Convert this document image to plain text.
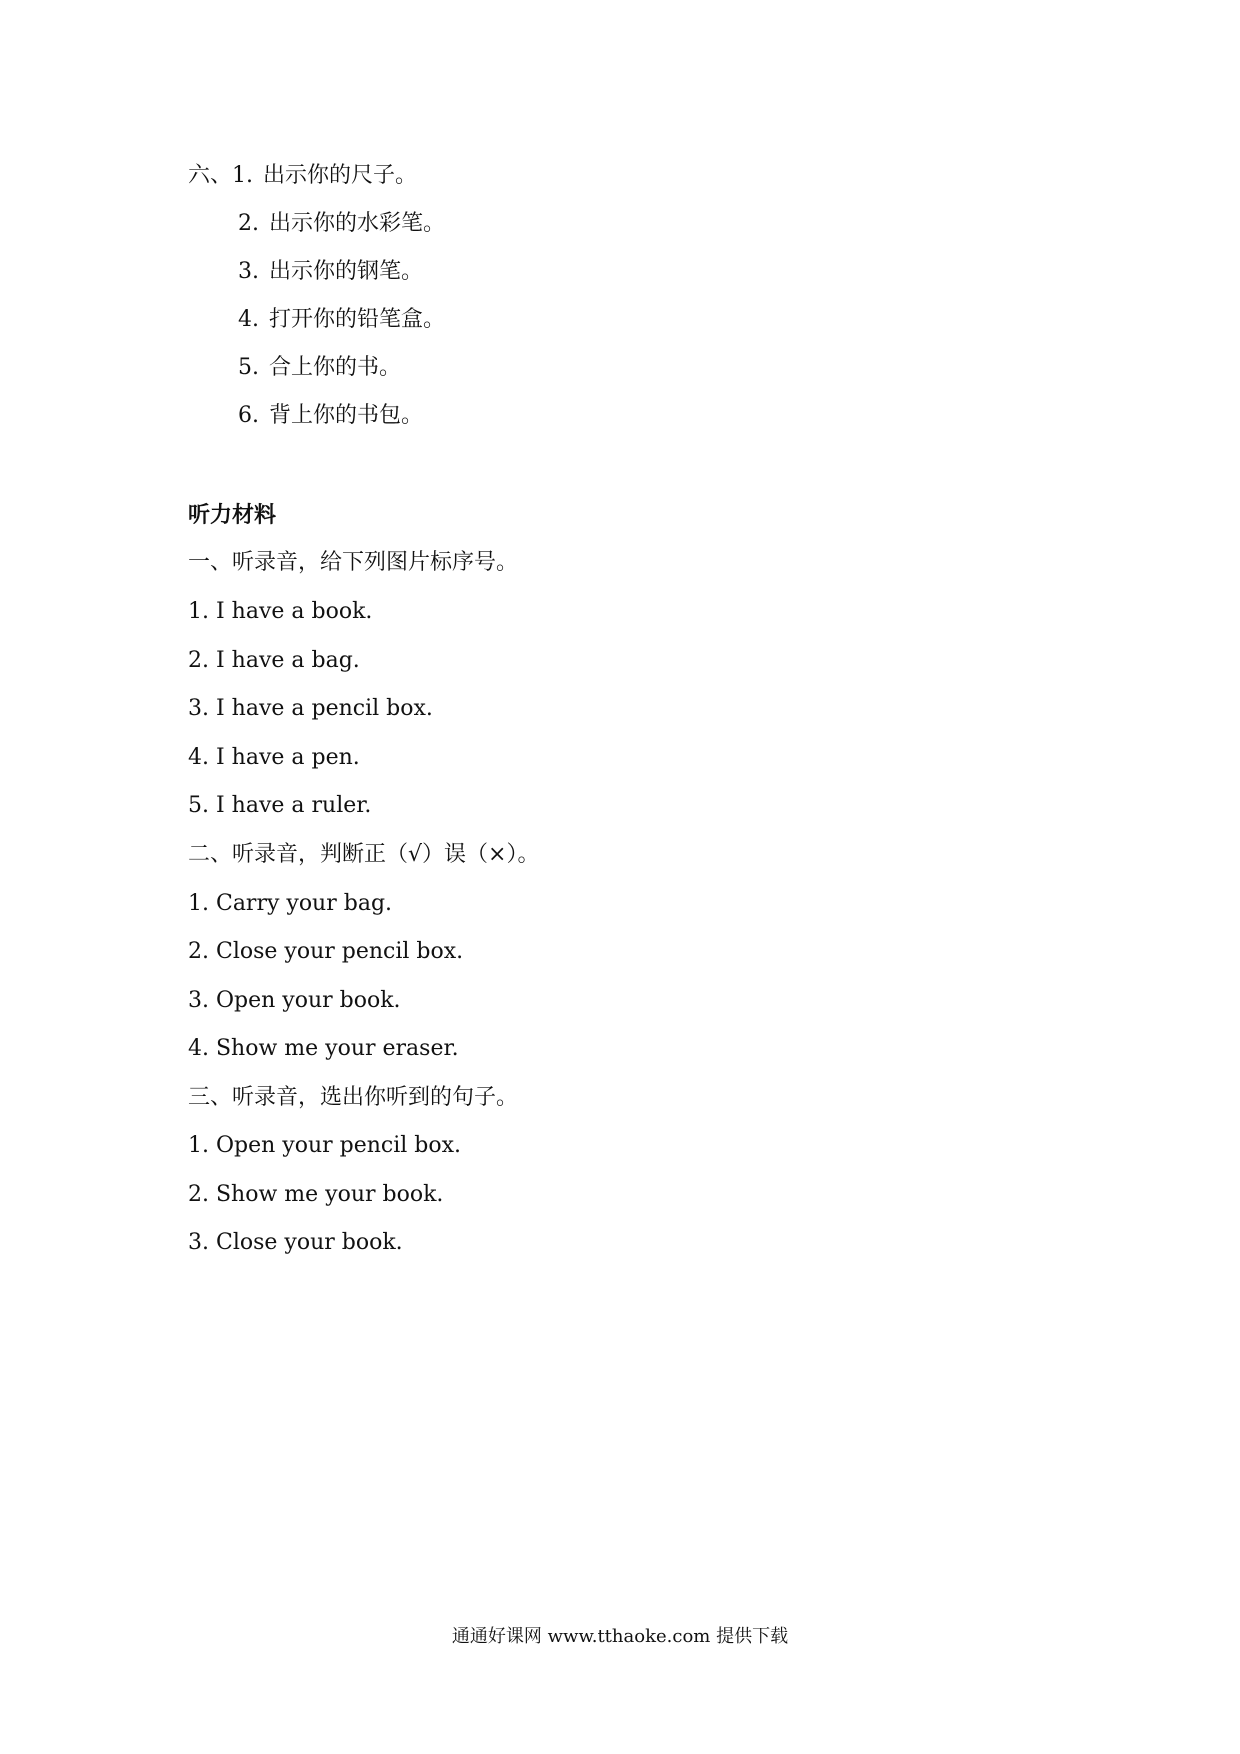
六、1. 出示你的尺子。
2. 出示你的水彩笔。
3. 出示你的钢笔。
4. 打开你的铅笔盒。
5. 合上你的书。
6. 背上你的书包。
听力材料
一、听录音，给下列图片标序号。
1. I have a book.
2. I have a bag.
3. I have a pencil box.
4. I have a pen.
5. I have a ruler.
二、听录音，判断正（√）误（×）。
1. Carry your bag.
2. Close your pencil box.
3. Open your book.
4. Show me your eraser.
三、听录音，选出你听到的句子。
1. Open your pencil box.
2. Show me your book.
3. Close your book.
通通好课网 www.tthaoke.com 提供下载
